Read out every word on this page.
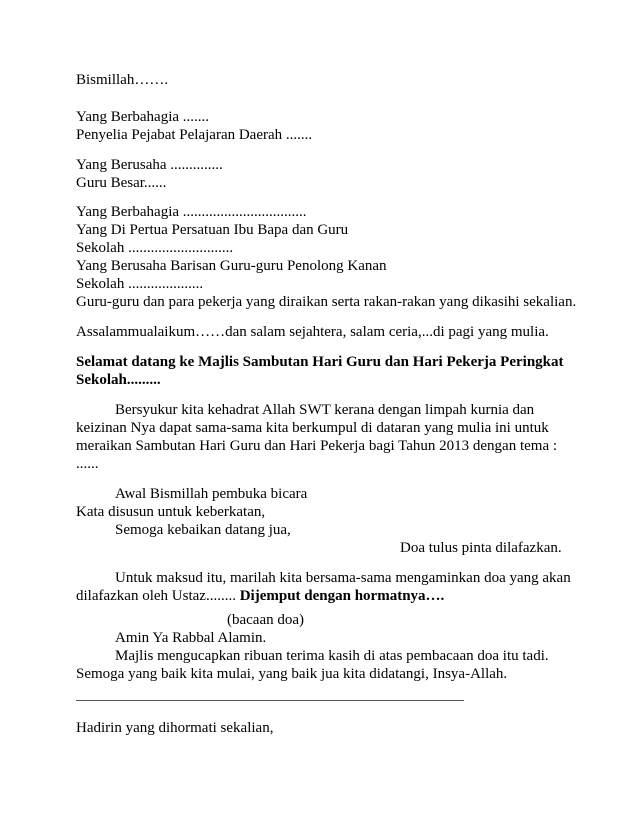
Bismillah…….
Yang Berbahagia .......
Penyelia Pejabat Pelajaran Daerah .......
Yang Berusaha ..............
Guru Besar......
Yang Berbahagia .................................
Yang Di Pertua Persatuan Ibu Bapa dan Guru
Sekolah ............................
Yang Berusaha Barisan Guru-guru Penolong Kanan
Sekolah ....................
Guru-guru dan para pekerja yang diraikan serta rakan-rakan yang dikasihi sekalian.
Assalammualaikum……dan salam sejahtera, salam ceria,...di pagi yang mulia.
Selamat datang ke Majlis Sambutan Hari Guru dan Hari Pekerja Peringkat
Sekolah.........
Bersyukur kita kehadrat Allah SWT kerana dengan limpah kurnia dan
keizinan Nya dapat sama-sama kita berkumpul di dataran yang mulia ini untuk
meraikan Sambutan Hari Guru dan Hari Pekerja bagi Tahun 2013 dengan tema :
......
Awal Bismillah pembuka bicara
Kata disusun untuk keberkatan,
Semoga kebaikan datang jua,
Doa tulus pinta dilafazkan.
Untuk maksud itu, marilah kita bersama-sama mengaminkan doa yang akan
dilafazkan oleh Ustaz........ Dijemput dengan hormatnya….
(bacaan doa)
Amin Ya Rabbal Alamin.
Majlis mengucapkan ribuan terima kasih di atas pembacaan doa itu tadi.
Semoga yang baik kita mulai, yang baik jua kita didatangi, Insya-Allah.
Hadirin yang dihormati sekalian,
